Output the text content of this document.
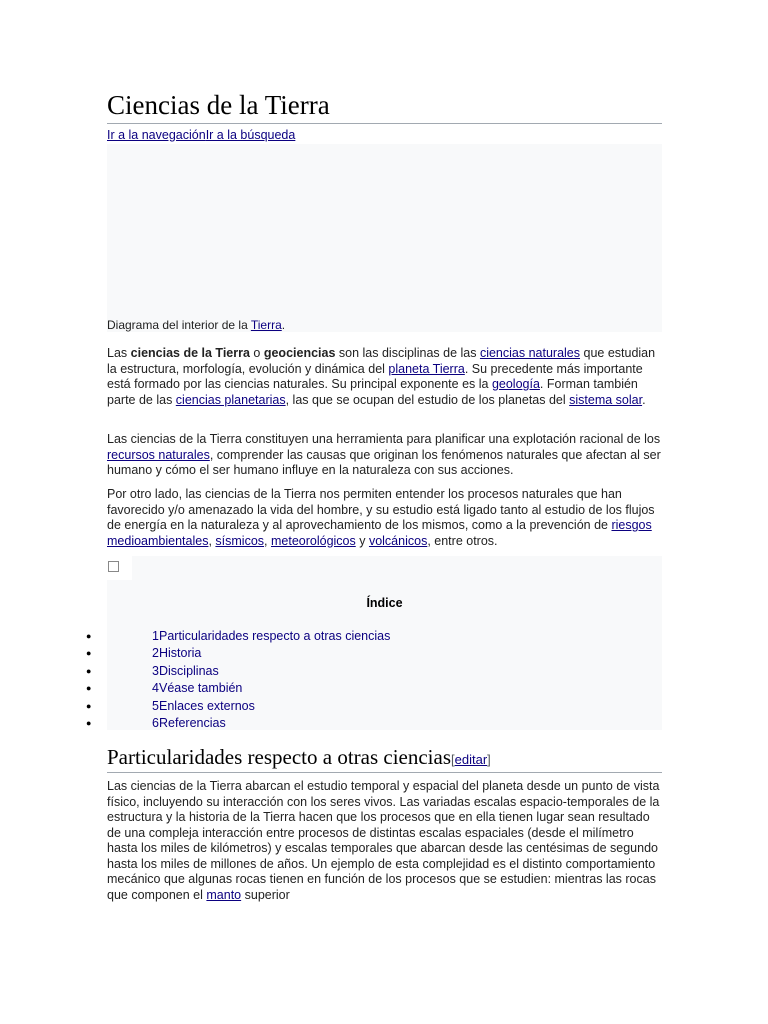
Ciencias de la Tierra
Ir a la navegaciónIr a la búsqueda
Diagrama del interior de la Tierra.

Las ciencias de la Tierra o geociencias son las disciplinas de las ciencias naturales que estudian la estructura, morfología, evolución y dinámica del planeta Tierra. Su precedente más importante está formado por las ciencias naturales. Su principal exponente es la geología. Forman también parte de las ciencias planetarias, las que se ocupan del estudio de los planetas del sistema solar.

Las ciencias de la Tierra constituyen una herramienta para planificar una explotación racional de los recursos naturales, comprender las causas que originan los fenómenos naturales que afectan al ser humano y cómo el ser humano influye en la naturaleza con sus acciones.

Por otro lado, las ciencias de la Tierra nos permiten entender los procesos naturales que han favorecido y/o amenazado la vida del hombre, y su estudio está ligado tanto al estudio de los flujos de energía en la naturaleza y al aprovechamiento de los mismos, como a la prevención de riesgos medioambientales, sísmicos, meteorológicos y volcánicos, entre otros.

Índice
●	1 Particularidades respecto a otras ciencias
●	2 Historia
●	3 Disciplinas
●	4 Véase también
●	5 Enlaces externos
●	6 Referencias
Particularidades respecto a otras ciencias[editar]

Las ciencias de la Tierra abarcan el estudio temporal y espacial del planeta desde un punto de vista físico, incluyendo su interacción con los seres vivos. Las variadas escalas espacio-temporales de la estructura y la historia de la Tierra hacen que los procesos que en ella tienen lugar sean resultado de una compleja interacción entre procesos de distintas escalas espaciales (desde el milímetro hasta los miles de kilómetros) y escalas temporales que abarcan desde las centésimas de segundo hasta los miles de millones de años. Un ejemplo de esta complejidad es el distinto comportamiento mecánico que algunas rocas tienen en función de los procesos que se estudien: mientras las rocas que componen el manto superior
